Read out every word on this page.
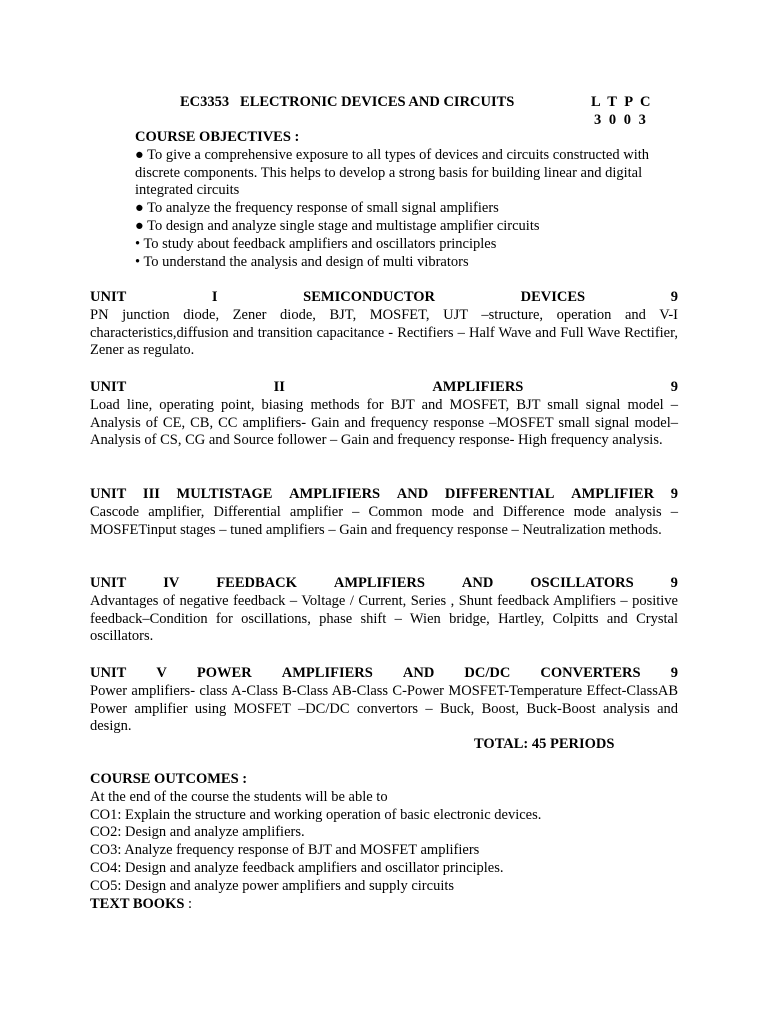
EC3353   ELECTRONIC DEVICES AND CIRCUITS	L T P C
3 0 0 3
COURSE OBJECTIVES :
● To give a comprehensive exposure to all types of devices and circuits constructed with discrete components. This helps to develop a strong basis for building linear and digital integrated circuits
● To analyze the frequency response of small signal amplifiers
● To design and analyze single stage and multistage amplifier circuits
• To study about feedback amplifiers and oscillators principles
• To understand the analysis and design of multi vibrators
UNIT	I	SEMICONDUCTOR	DEVICES	9
PN junction diode, Zener diode, BJT, MOSFET, UJT –structure, operation and V-I characteristics,diffusion and transition capacitance - Rectifiers – Half Wave and Full Wave Rectifier, Zener as regulato.
UNIT	II	AMPLIFIERS	9
Load line, operating point, biasing methods for BJT and MOSFET, BJT small signal model – Analysis of CE, CB, CC amplifiers- Gain and frequency response –MOSFET small signal model–Analysis of CS, CG and Source follower – Gain and frequency response- High frequency analysis.
UNIT III MULTISTAGE AMPLIFIERS AND DIFFERENTIAL AMPLIFIER 9
Cascode amplifier, Differential amplifier – Common mode and Difference mode analysis – MOSFETinput stages – tuned amplifiers – Gain and frequency response – Neutralization methods.
UNIT	IV	FEEDBACK	AMPLIFIERS	AND	OSCILLATORS	9
Advantages of negative feedback – Voltage / Current, Series , Shunt feedback Amplifiers – positive feedback–Condition for oscillations, phase shift – Wien bridge, Hartley, Colpitts and Crystal oscillators.
UNIT V POWER AMPLIFIERS AND DC/DC CONVERTERS 9
Power amplifiers- class A-Class B-Class AB-Class C-Power MOSFET-Temperature Effect-ClassAB Power amplifier using MOSFET –DC/DC convertors – Buck, Boost, Buck-Boost analysis and design.
TOTAL: 45 PERIODS
COURSE OUTCOMES :
At the end of the course the students will be able to
CO1: Explain the structure and working operation of basic electronic devices.
CO2: Design and analyze amplifiers.
CO3: Analyze frequency response of BJT and MOSFET amplifiers
CO4: Design and analyze feedback amplifiers and oscillator principles.
CO5: Design and analyze power amplifiers and supply circuits
TEXT BOOKS :
